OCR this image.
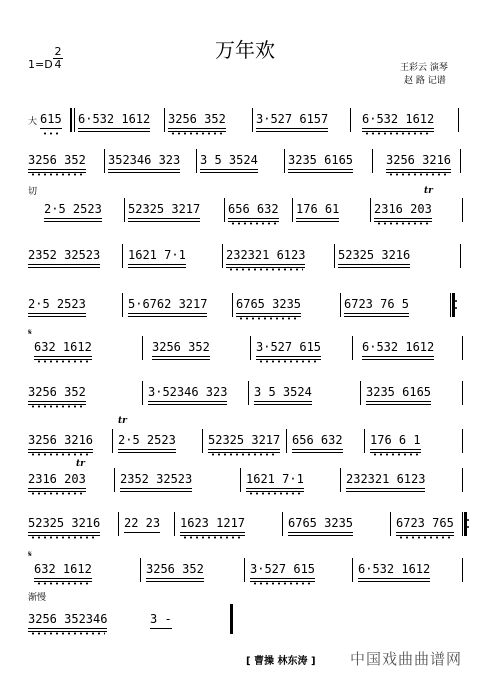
1=D
2
4
万年欢
王彩云 演琴
赵 路 记谱
[ 曹操 林东涛 ] 中国戏曲曲谱网
615 6·532 1612 3256 352	3·527 6157	6·532 1612
3256 352 352346 323 3 5 3524	3235 6165	3256 3216
2·5 2523 52325 3217 656 632 176 61	2316 203
2352 32523 1621 7·1	232321 6123	52325 3216
2·5 2523	5·6762 3217 6765 3235	6723 76 5
632 1612	3256 352	3·527 615	6·532 1612
3256 352	3·52346 323 3 5 3524	3235 6165
3256 3216 2·5 2523	52325 3217 656 632 176 6 1
2316 203	2352 32523	1621 7·1	232321 6123
52325 3216 22 23 1623 1217	6765 3235	6723 765
632 1612	3256 352	3·527 615	6·532 1612
3256 352346	3 -
大
切
𝄋
𝄋
渐慢
tr
tr
tr
